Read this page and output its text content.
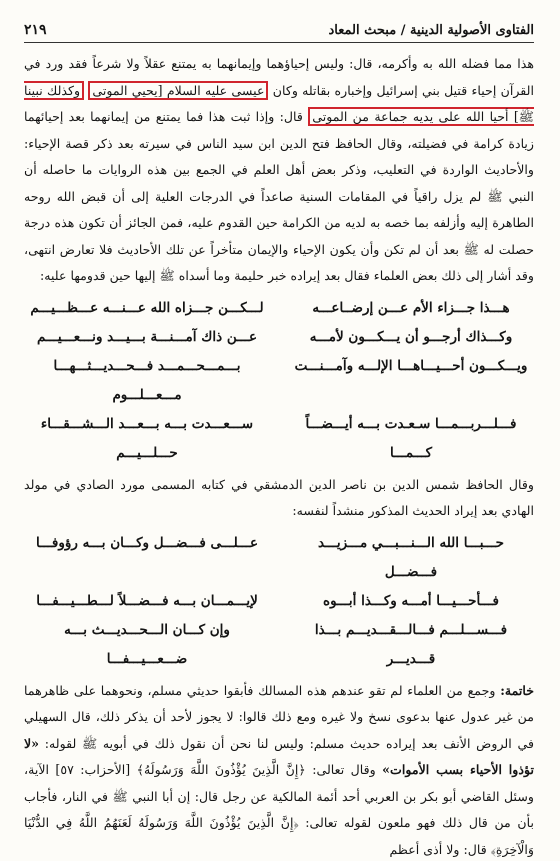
الفتاوى الأصولية الدينية / مبحث المعاد
٢١٩

هذا مما فضله الله به وأكرمه، قال: وليس إحياؤهما وإيمانهما به يمتنع عقلاً ولا شرعاً فقد ورد في القرآن إحياء قتيل بني إسرائيل وإخباره بقاتله وكان عيسى عليه السلام [يحيي الموتى وكذلك نبينا ﷺ] أحيا الله على يديه جماعة من الموتى قال: وإذا ثبت هذا فما يمتنع من إيمانهما بعد إحيائهما زيادة كرامة في فضيلته، وقال الحافظ فتح الدين ابن سيد الناس في سيرته بعد ذكر قصة الإحياء: والأحاديث الواردة في التعليب، وذكر بعض أهل العلم في الجمع بين هذه الروايات ما حاصله أن النبي ﷺ لم يزل راقياً في المقامات السنية صاعداً في الدرجات العلية إلى أن قبض الله روحه الطاهرة إليه وأزلفه بما خصه به لديه من الكرامة حين القدوم عليه، فمن الجائز أن تكون هذه درجة حصلت له ﷺ بعد أن لم تكن وأن يكون الإحياء والإيمان متأخراً عن تلك الأحاديث فلا تعارض انتهى، وقد أشار إلى ذلك بعض العلماء فقال بعد إيراده خبر حليمة وما أسداه ﷺ إليها حين قدومها عليه:

هـــذا جـــزاء الأم عـــن إرضــاعـــه
لـــكـــن جـــزاه الله عـــنـــه عـــظـــيـــم
وكـــذاك أرجـــو أن يـــكـــون لأمـــه
عـــن ذاك آمـــنـــة بـــيـــد ونـــعـــيـــم
ويـــكـــون أحـــيـــاهـــا الإلـــه وآمـــنـــت
بـــمـــحـــمـــد فـــحـــديـــثـــهـــا مـــعـــلـــوم
فـــلـــربـــمـــا سـعـدت بـــه أيـــضـــاً كـــمـــا
ســـعـــدت بـــه بـــعـــد الـــشـــقـــاء حـــلـــيـــم

وقال الحافظ شمس الدين بن ناصر الدين الدمشقي في كتابه المسمى مورد الصادي في مولد الهادي بعد إيراد الحديث المذكور منشداً لنفسه:

حـــبـــا الله الـــنـــبـــي مـــزيـــد فـــضـــل
عـــلـــى فـــضـــل وكـــان بـــه رؤوفـــا
فـــأحـــيـــا أمـــه وكـــذا أبـــوه
لإيـــمـــان بـــه فـــضـــلاً لـــطـــيـــفـــا
فـــســـلـــم فـــالـــقـــديـــم بـــذا قـــديـــر
وإن كـــان الـــحـــديـــث بـــه ضـــعـــيـــفـــا

خاتمة: وجمع من العلماء لم تقو عندهم هذه المسالك فأبقوا حديثي مسلم، ونحوهما على ظاهرهما من غير عدول عنها بدعوى نسخ ولا غيره ومع ذلك قالوا: لا يجوز لأحد أن يذكر ذلك، قال السهيلي في الروض الأنف بعد إيراده حديث مسلم: وليس لنا نحن أن نقول ذلك في أبويه ﷺ لقوله: «لا تؤذوا الأحياء بسب الأموات» وقال تعالى: ﴿إِنَّ الَّذِينَ يُؤْذُونَ اللَّهَ وَرَسُولَهُ﴾ [الأحزاب: ٥٧] الآية، وسئل القاضي أبو بكر بن العربي أحد أئمة المالكية عن رجل قال: إن أبا النبي ﷺ في النار، فأجاب بأن من قال ذلك فهو ملعون لقوله تعالى: ﴿إِنَّ الَّذِينَ يُؤْذُونَ اللَّهَ وَرَسُولَهُ لَعَنَهُمُ اللَّهُ فِي الدُّنْيَا وَالْآخِرَةِ﴾ قال: ولا أذى أعظم
